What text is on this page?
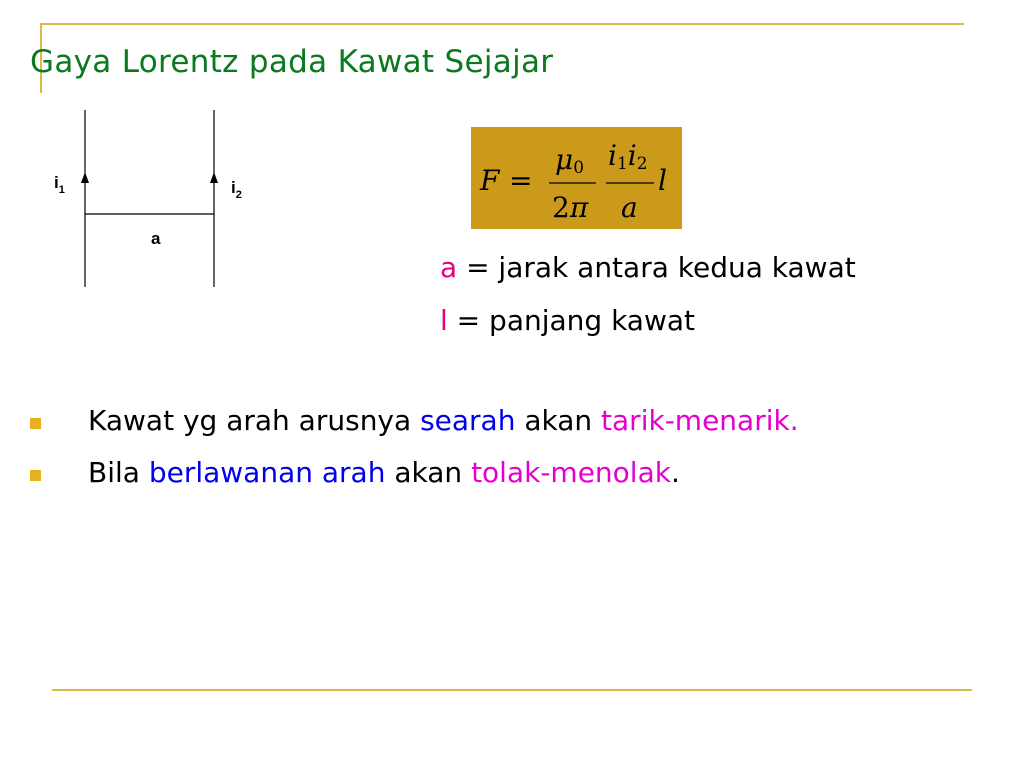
Gaya Lorentz pada Kawat Sejajar
$i_1$	$i_2$
a
F =
μ0
2π
i1i2
a
l
a = jarak antara kedua kawat
l = panjang kawat
Kawat yg arah arusnya searah akan tarik-menarik.
Bila berlawanan arah akan tolak-menolak.
